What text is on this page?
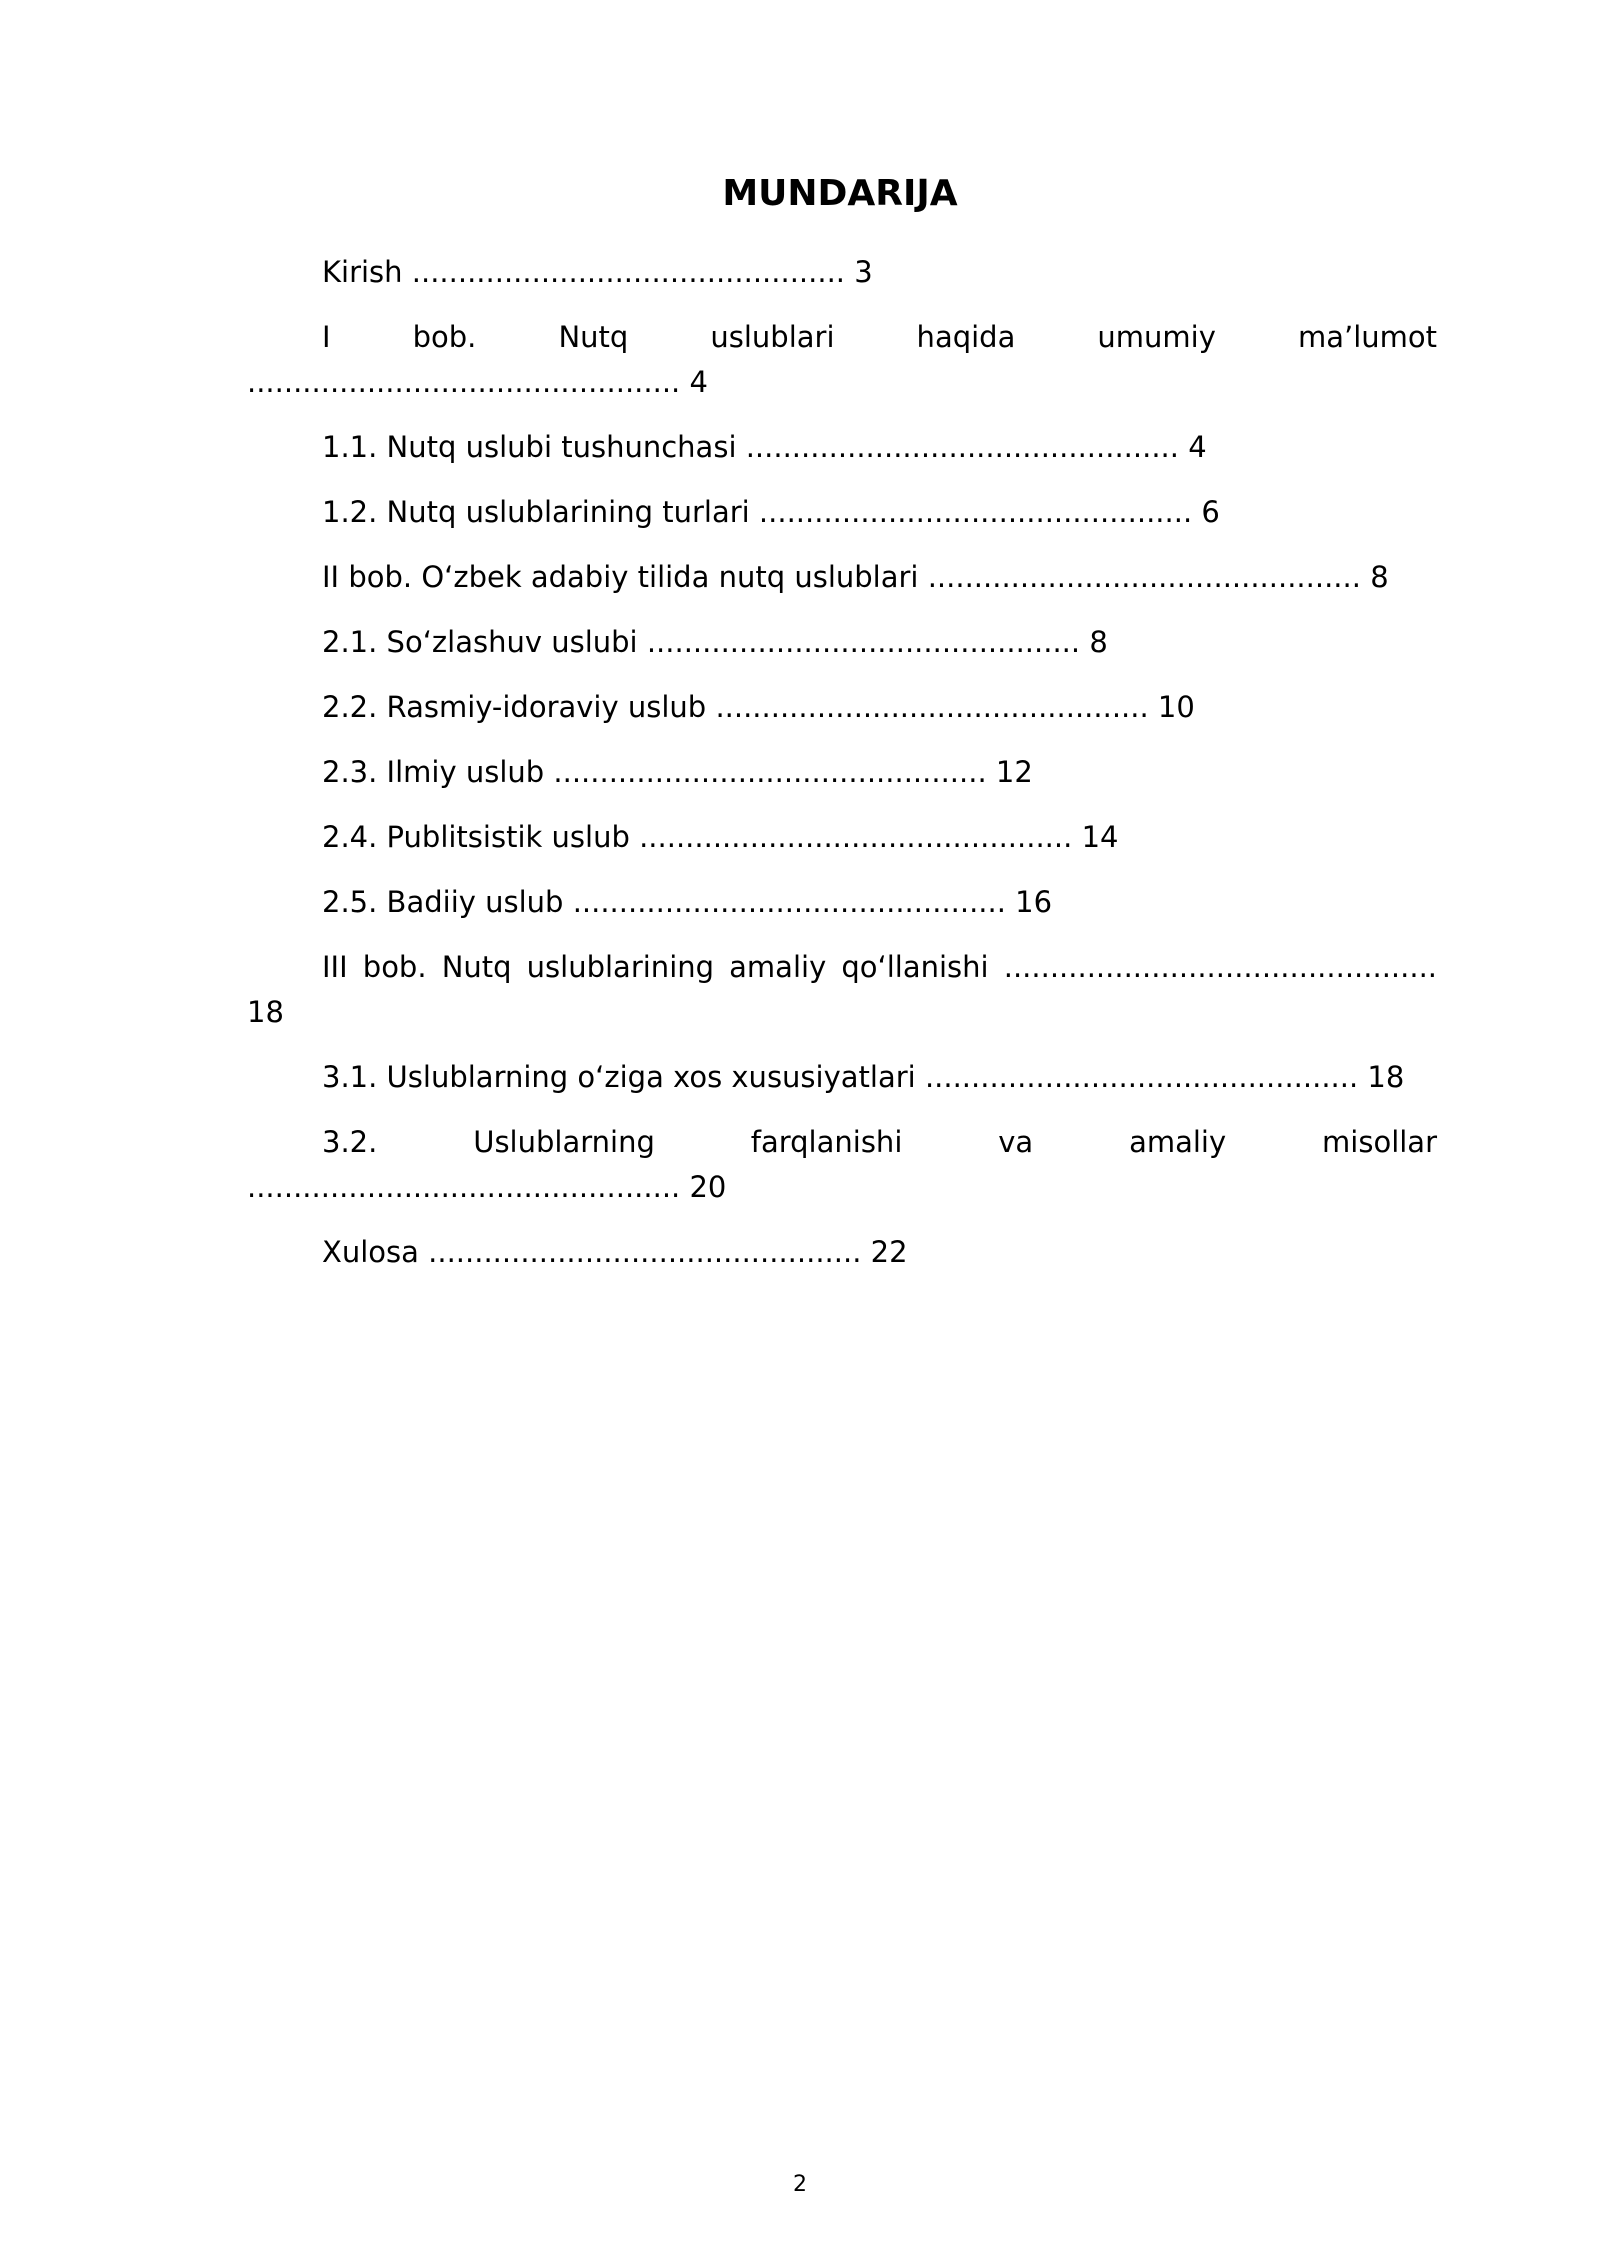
MUNDARIJA

Kirish ............................................... 3

I bob. Nutq uslublari haqida umumiy ma’lumot ............................................... 4

1.1. Nutq uslubi tushunchasi ............................................... 4

1.2. Nutq uslublarining turlari ............................................... 6

II bob. O‘zbek adabiy tilida nutq uslublari ............................................... 8

2.1. So‘zlashuv uslubi ............................................... 8

2.2. Rasmiy-idoraviy uslub ............................................... 10

2.3. Ilmiy uslub ............................................... 12

2.4. Publitsistik uslub ............................................... 14

2.5. Badiiy uslub ............................................... 16

III bob. Nutq uslublarining amaliy qo‘llanishi ............................................... 18

3.1. Uslublarning o‘ziga xos xususiyatlari ............................................... 18

3.2. Uslublarning farqlanishi va amaliy misollar ............................................... 20

Xulosa ............................................... 22

2
